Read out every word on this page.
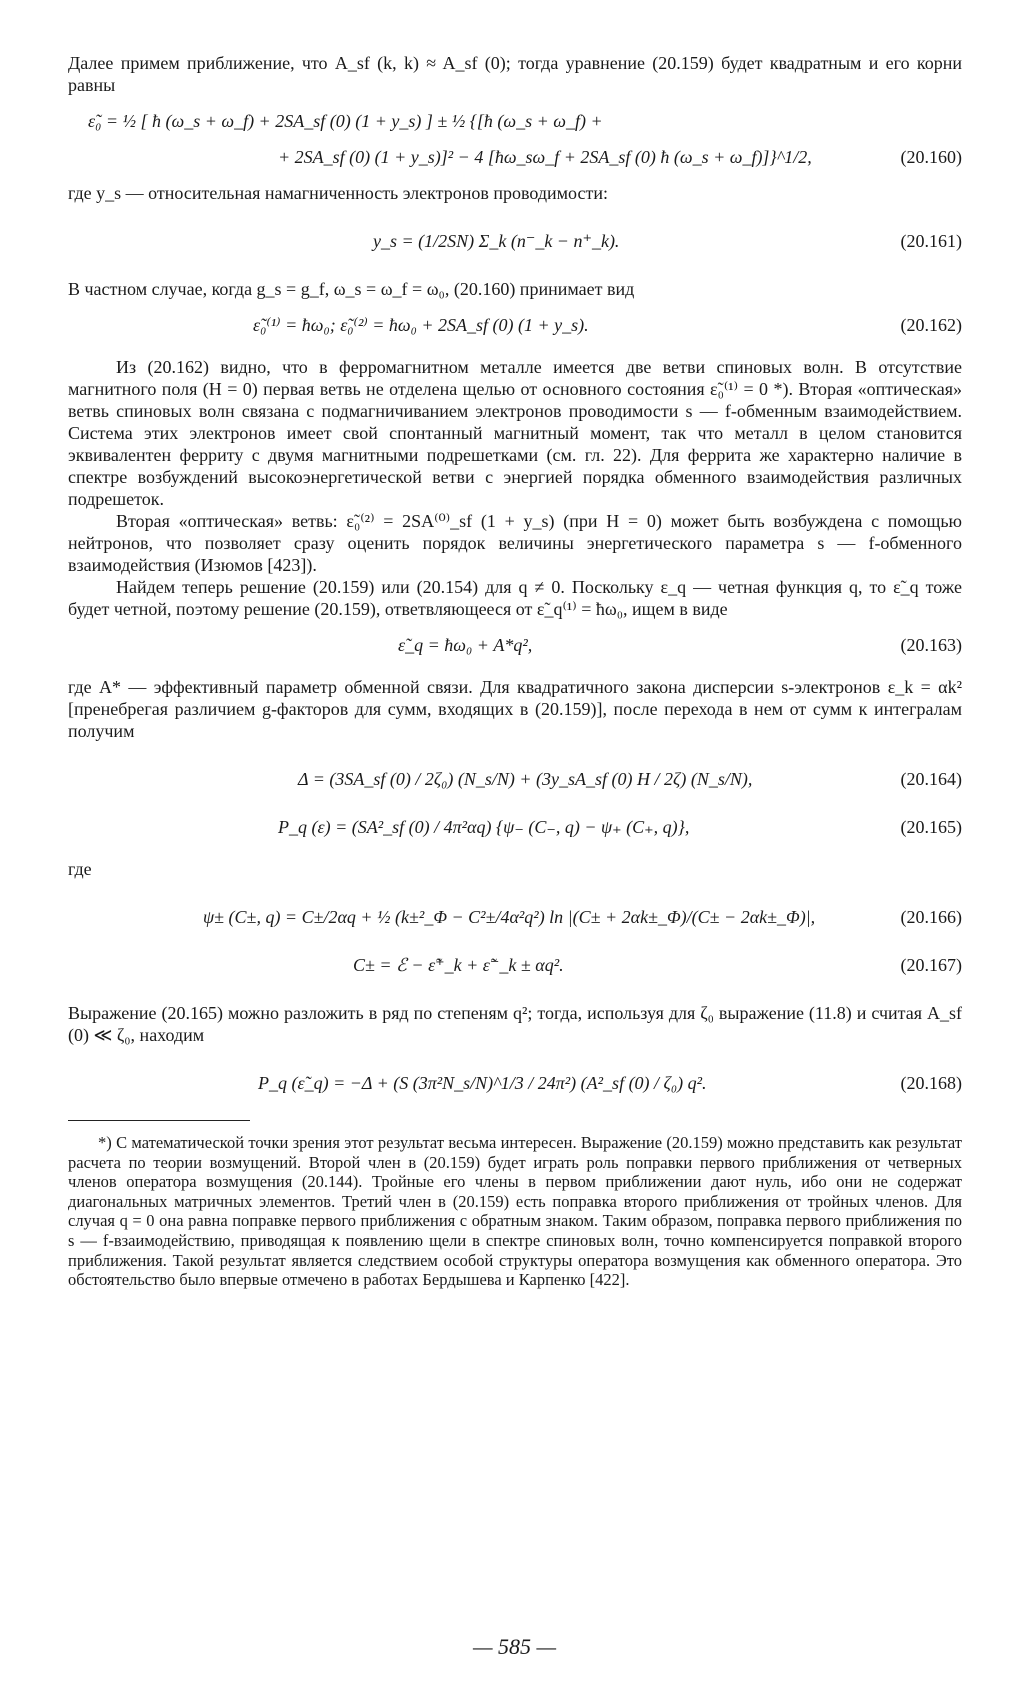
Далее примем приближение, что A_sf (k, k) ≈ A_sf (0); тогда уравнение (20.159) будет квадратным и его корни равны

ε̃₀ = ½ [ ħ (ω_s + ω_f) + 2SA_sf (0) (1 + y_s) ] ± ½ {[ħ (ω_s + ω_f) +
+ 2SA_sf (0) (1 + y_s)]² − 4 [ħω_sω_f + 2SA_sf (0) ħ (ω_s + ω_f)]}^1/2,	(20.160)

где y_s — относительная намагниченность электронов проводимости:

y_s = (1/2SN) Σ_k (n⁻_k − n⁺_k).	(20.161)

В частном случае, когда g_s = g_f, ω_s = ω_f = ω₀, (20.160) принимает вид

ε̃₀⁽¹⁾ = ħω₀; ε̃₀⁽²⁾ = ħω₀ + 2SA_sf (0) (1 + y_s).	(20.162)

Из (20.162) видно, что в ферромагнитном металле имеется две ветви спиновых волн. В отсутствие магнитного поля (H = 0) первая ветвь не отделена щелью от основного состояния ε̃₀⁽¹⁾ = 0 *). Вторая «оптическая» ветвь спиновых волн связана с подмагничиванием электронов проводимости s — f-обменным взаимодействием. Система этих электронов имеет свой спонтанный магнитный момент, так что металл в целом становится эквивалентен ферриту с двумя магнитными подрешетками (см. гл. 22). Для феррита же характерно наличие в спектре возбуждений высокоэнергетической ветви с энергией порядка обменного взаимодействия различных подрешеток.

Вторая «оптическая» ветвь: ε̃₀⁽²⁾ = 2SA⁽⁰⁾_sf (1 + y_s) (при H = 0) может быть возбуждена с помощью нейтронов, что позволяет сразу оценить порядок величины энергетического параметра s — f-обменного взаимодействия (Изюмов [423]).

Найдем теперь решение (20.159) или (20.154) для q ≠ 0. Поскольку ε_q — четная функция q, то ε̃_q тоже будет четной, поэтому решение (20.159), ответвляющееся от ε̃_q⁽¹⁾ = ħω₀, ищем в виде

ε̃_q = ħω₀ + A*q²,	(20.163)

где A* — эффективный параметр обменной связи. Для квадратичного закона дисперсии s-электронов ε_k = αk² [пренебрегая различием g-факторов для сумм, входящих в (20.159)], после перехода в нем от сумм к интегралам получим

Δ = (3SA_sf (0) / 2ζ₀) (N_s/N) + (3y_sA_sf (0) H / 2ζ) (N_s/N),	(20.164)
P_q (ε) = (SA²_sf (0) / 4π²αq) {ψ₋ (C₋, q) − ψ₊ (C₊, q)},	(20.165)

где

ψ± (C±, q) = C±/2αq + ½ (k±²_Φ − C²±/4α²q²) ln |(C± + 2αk±_Φ)/(C± − 2αk±_Φ)|,	(20.166)
C± = ℰ − ε̃⁺_k + ε̃⁻_k ± αq².	(20.167)

Выражение (20.165) можно разложить в ряд по степеням q²; тогда, используя для ζ₀ выражение (11.8) и считая A_sf (0) ≪ ζ₀, находим

P_q (ε̃_q) = −Δ + (S (3π²N_s/N)^1/3 / 24π²) (A²_sf (0) / ζ₀) q².	(20.168)

*) С математической точки зрения этот результат весьма интересен. Выражение (20.159) можно представить как результат расчета по теории возмущений. Второй член в (20.159) будет играть роль поправки первого приближения от четверных членов оператора возмущения (20.144). Тройные его члены в первом приближении дают нуль, ибо они не содержат диагональных матричных элементов. Третий член в (20.159) есть поправка второго приближения от тройных членов. Для случая q = 0 она равна поправке первого приближения с обратным знаком. Таким образом, поправка первого приближения по s — f-взаимодействию, приводящая к появлению щели в спектре спиновых волн, точно компенсируется поправкой второго приближения. Такой результат является следствием особой структуры оператора возмущения как обменного оператора. Это обстоятельство было впервые отмечено в работах Бердышева и Карпенко [422].

— 585 —
